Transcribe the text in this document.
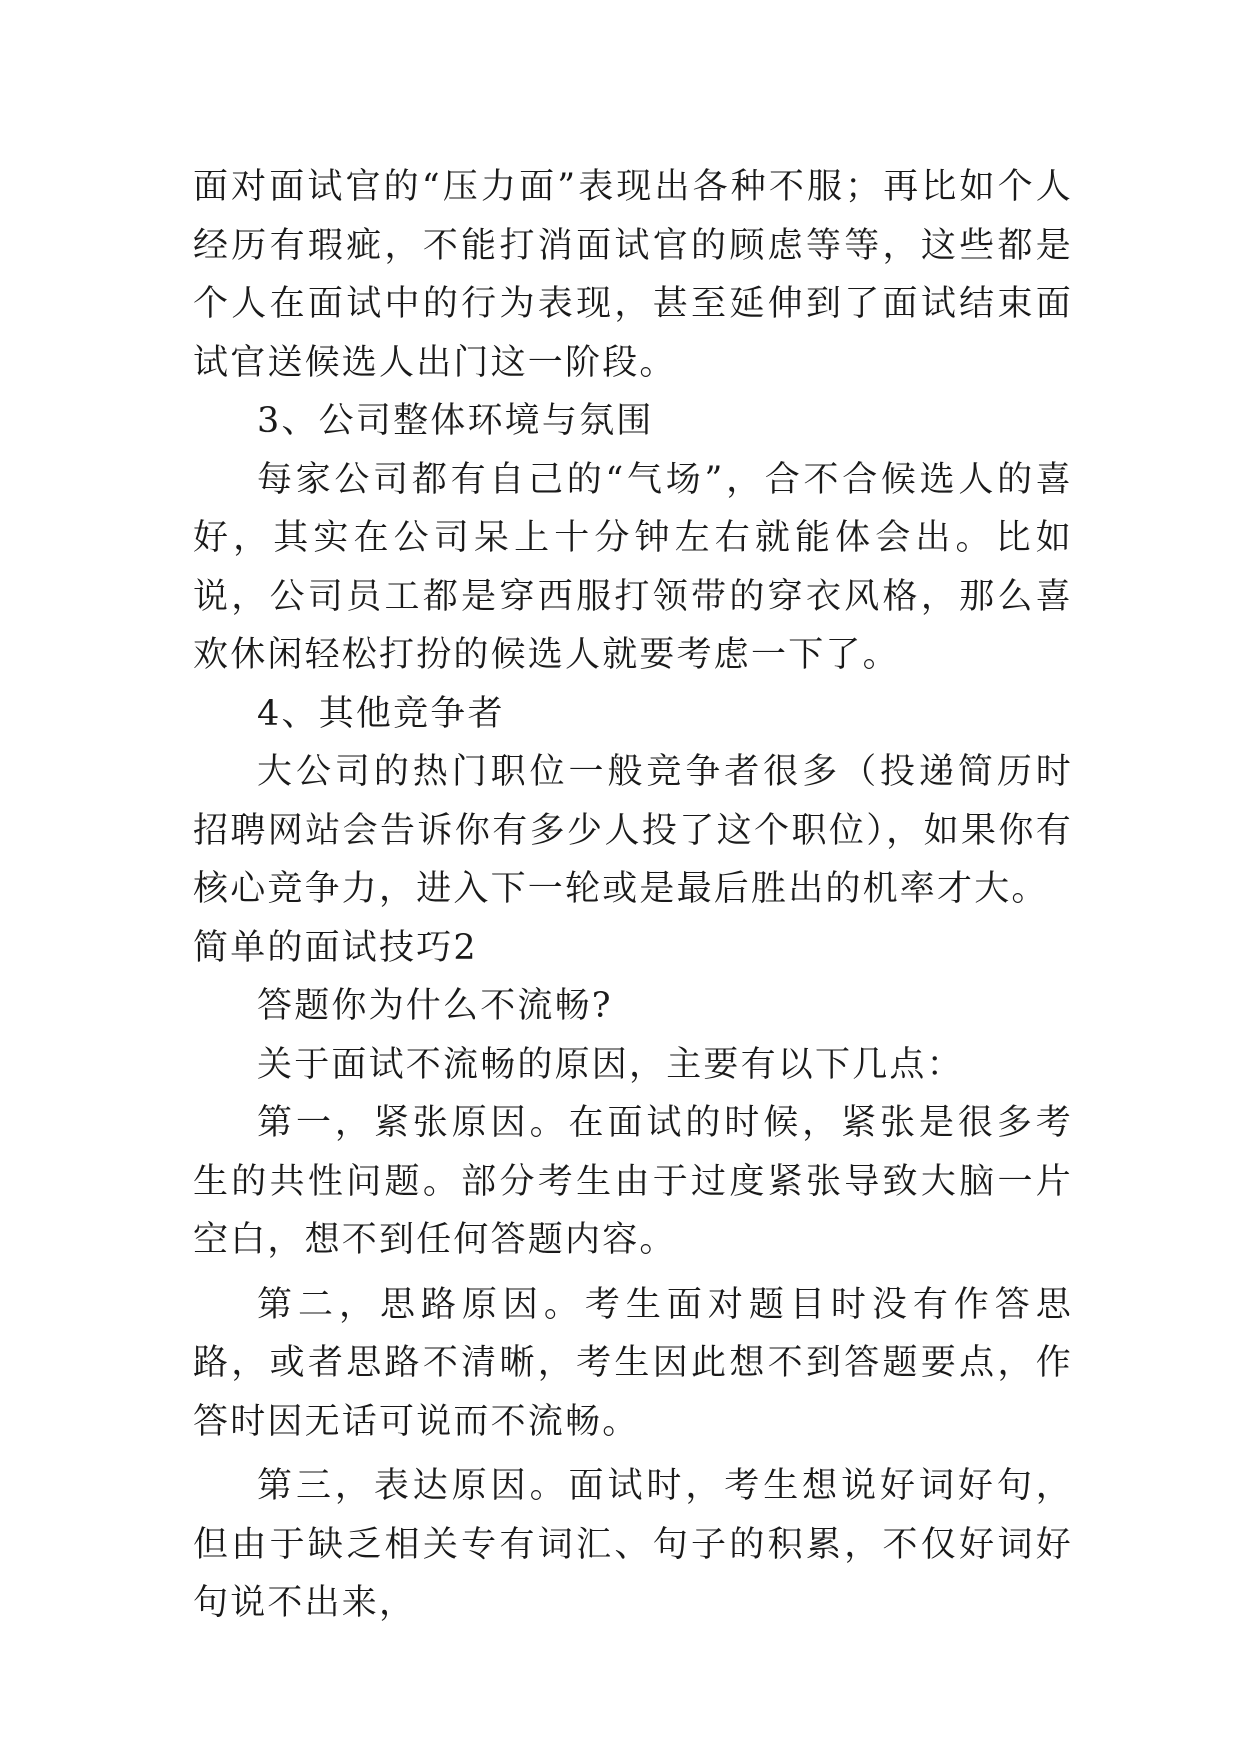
面对面试官的“压力面”表现出各种不服；再比如个人经历有瑕疵，不能打消面试官的顾虑等等，这些都是个人在面试中的行为表现，甚至延伸到了面试结束面试官送候选人出门这一阶段。

3、公司整体环境与氛围

每家公司都有自己的“气场”，合不合候选人的喜好，其实在公司呆上十分钟左右就能体会出。比如说，公司员工都是穿西服打领带的穿衣风格，那么喜欢休闲轻松打扮的候选人就要考虑一下了。

4、其他竞争者

大公司的热门职位一般竞争者很多（投递简历时招聘网站会告诉你有多少人投了这个职位），如果你有核心竞争力，进入下一轮或是最后胜出的机率才大。

简单的面试技巧2

答题你为什么不流畅?

关于面试不流畅的原因，主要有以下几点：

第一，紧张原因。在面试的时候，紧张是很多考生的共性问题。部分考生由于过度紧张导致大脑一片空白，想不到任何答题内容。

第二，思路原因。考生面对题目时没有作答思路，或者思路不清晰，考生因此想不到答题要点，作答时因无话可说而不流畅。

第三，表达原因。面试时，考生想说好词好句，但由于缺乏相关专有词汇、句子的积累，不仅好词好句说不出来，
